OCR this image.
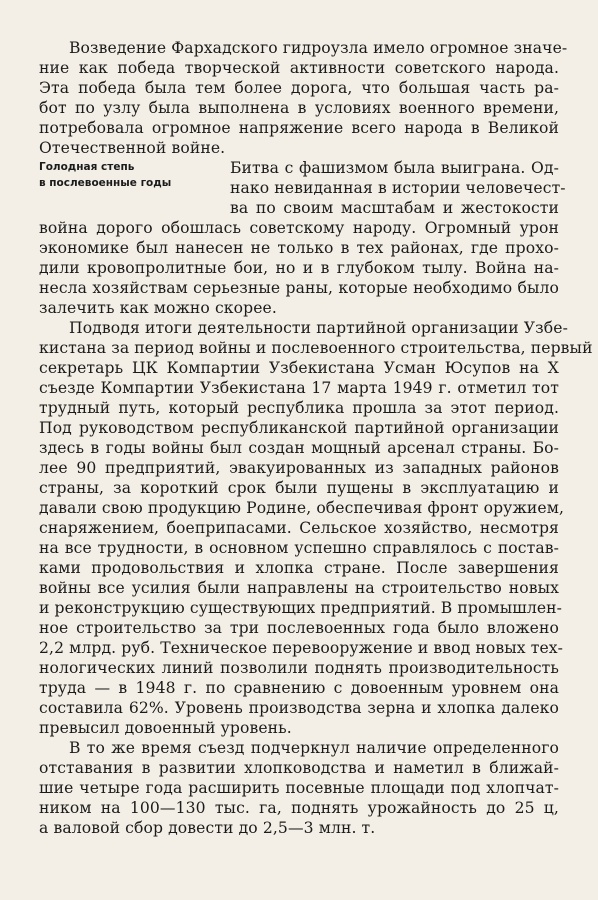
Возведение Фархадского гидроузла имело огромное значе-
ние как победа творческой активности советского народа.
Эта победа была тем более дорога, что большая часть ра-
бот по узлу была выполнена в условиях военного времени,
потребовала огромное напряжение всего народа в Великой
Отечественной войне.
Голодная степь
в послевоенные годы
Битва с фашизмом была выиграна. Од-
нако невиданная в истории человечест-
ва по своим масштабам и жестокости
война дорого обошлась советскому народу. Огромный урон
экономике был нанесен не только в тех районах, где прохо-
дили кровопролитные бои, но и в глубоком тылу. Война на-
несла хозяйствам серьезные раны, которые необходимо было
залечить как можно скорее.
Подводя итоги деятельности партийной организации Узбе-
кистана за период войны и послевоенного строительства, первый
секретарь ЦК Компартии Узбекистана Усман Юсупов на X
съезде Компартии Узбекистана 17 марта 1949 г. отметил тот
трудный путь, который республика прошла за этот период.
Под руководством республиканской партийной организации
здесь в годы войны был создан мощный арсенал страны. Бо-
лее 90 предприятий, эвакуированных из западных районов
страны, за короткий срок были пущены в эксплуатацию и
давали свою продукцию Родине, обеспечивая фронт оружием,
снаряжением, боеприпасами. Сельское хозяйство, несмотря
на все трудности, в основном успешно справлялось с постав-
ками продовольствия и хлопка стране. После завершения
войны все усилия были направлены на строительство новых
и реконструкцию существующих предприятий. В промышлен-
ное строительство за три послевоенных года было вложено
2,2 млрд. руб. Техническое перевооружение и ввод новых тех-
нологических линий позволили поднять производительность
труда — в 1948 г. по сравнению с довоенным уровнем она
составила 62%. Уровень производства зерна и хлопка далеко
превысил довоенный уровень.
В то же время съезд подчеркнул наличие определенного
отставания в развитии хлопководства и наметил в ближай-
шие четыре года расширить посевные площади под хлопчат-
ником на 100—130 тыс. га, поднять урожайность до 25 ц,
а валовой сбор довести до 2,5—3 млн. т.
